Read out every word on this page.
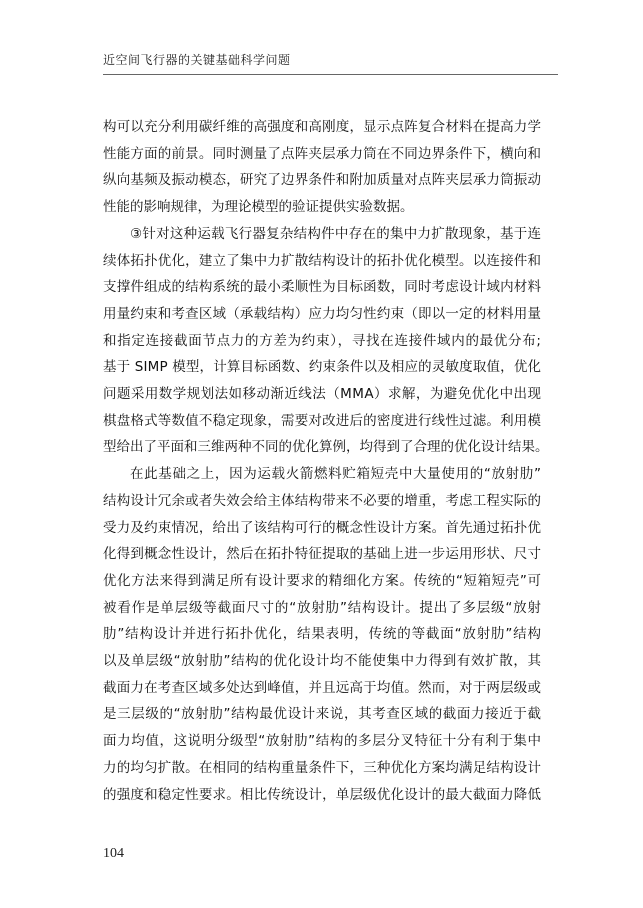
近空间飞行器的关键基础科学问题
构可以充分利用碳纤维的高强度和高刚度，显示点阵复合材料在提高力学
性能方面的前景。同时测量了点阵夹层承力筒在不同边界条件下，横向和
纵向基频及振动模态，研究了边界条件和附加质量对点阵夹层承力筒振动
性能的影响规律，为理论模型的验证提供实验数据。
③针对这种运载飞行器复杂结构件中存在的集中力扩散现象，基于连
续体拓扑优化，建立了集中力扩散结构设计的拓扑优化模型。以连接件和
支撑件组成的结构系统的最小柔顺性为目标函数，同时考虑设计域内材料
用量约束和考查区域（承载结构）应力均匀性约束（即以一定的材料用量
和指定连接截面节点力的方差为约束），寻找在连接件域内的最优分布;
基于 SIMP 模型，计算目标函数、约束条件以及相应的灵敏度取值，优化
问题采用数学规划法如移动渐近线法（MMA）求解，为避免优化中出现
棋盘格式等数值不稳定现象，需要对改进后的密度进行线性过滤。利用模
型给出了平面和三维两种不同的优化算例，均得到了合理的优化设计结果。
在此基础之上，因为运载火箭燃料贮箱短壳中大量使用的“放射肋”
结构设计冗余或者失效会给主体结构带来不必要的增重，考虑工程实际的
受力及约束情况，给出了该结构可行的概念性设计方案。首先通过拓扑优
化得到概念性设计，然后在拓扑特征提取的基础上进一步运用形状、尺寸
优化方法来得到满足所有设计要求的精细化方案。传统的“短箱短壳”可
被看作是单层级等截面尺寸的“放射肋”结构设计。提出了多层级“放射
肋”结构设计并进行拓扑优化，结果表明，传统的等截面“放射肋”结构
以及单层级“放射肋”结构的优化设计均不能使集中力得到有效扩散，其
截面力在考查区域多处达到峰值，并且远高于均值。然而，对于两层级或
是三层级的“放射肋”结构最优设计来说，其考查区域的截面力接近于截
面力均值，这说明分级型“放射肋”结构的多层分叉特征十分有利于集中
力的均匀扩散。在相同的结构重量条件下，三种优化方案均满足结构设计
的强度和稳定性要求。相比传统设计，单层级优化设计的最大截面力降低
104
